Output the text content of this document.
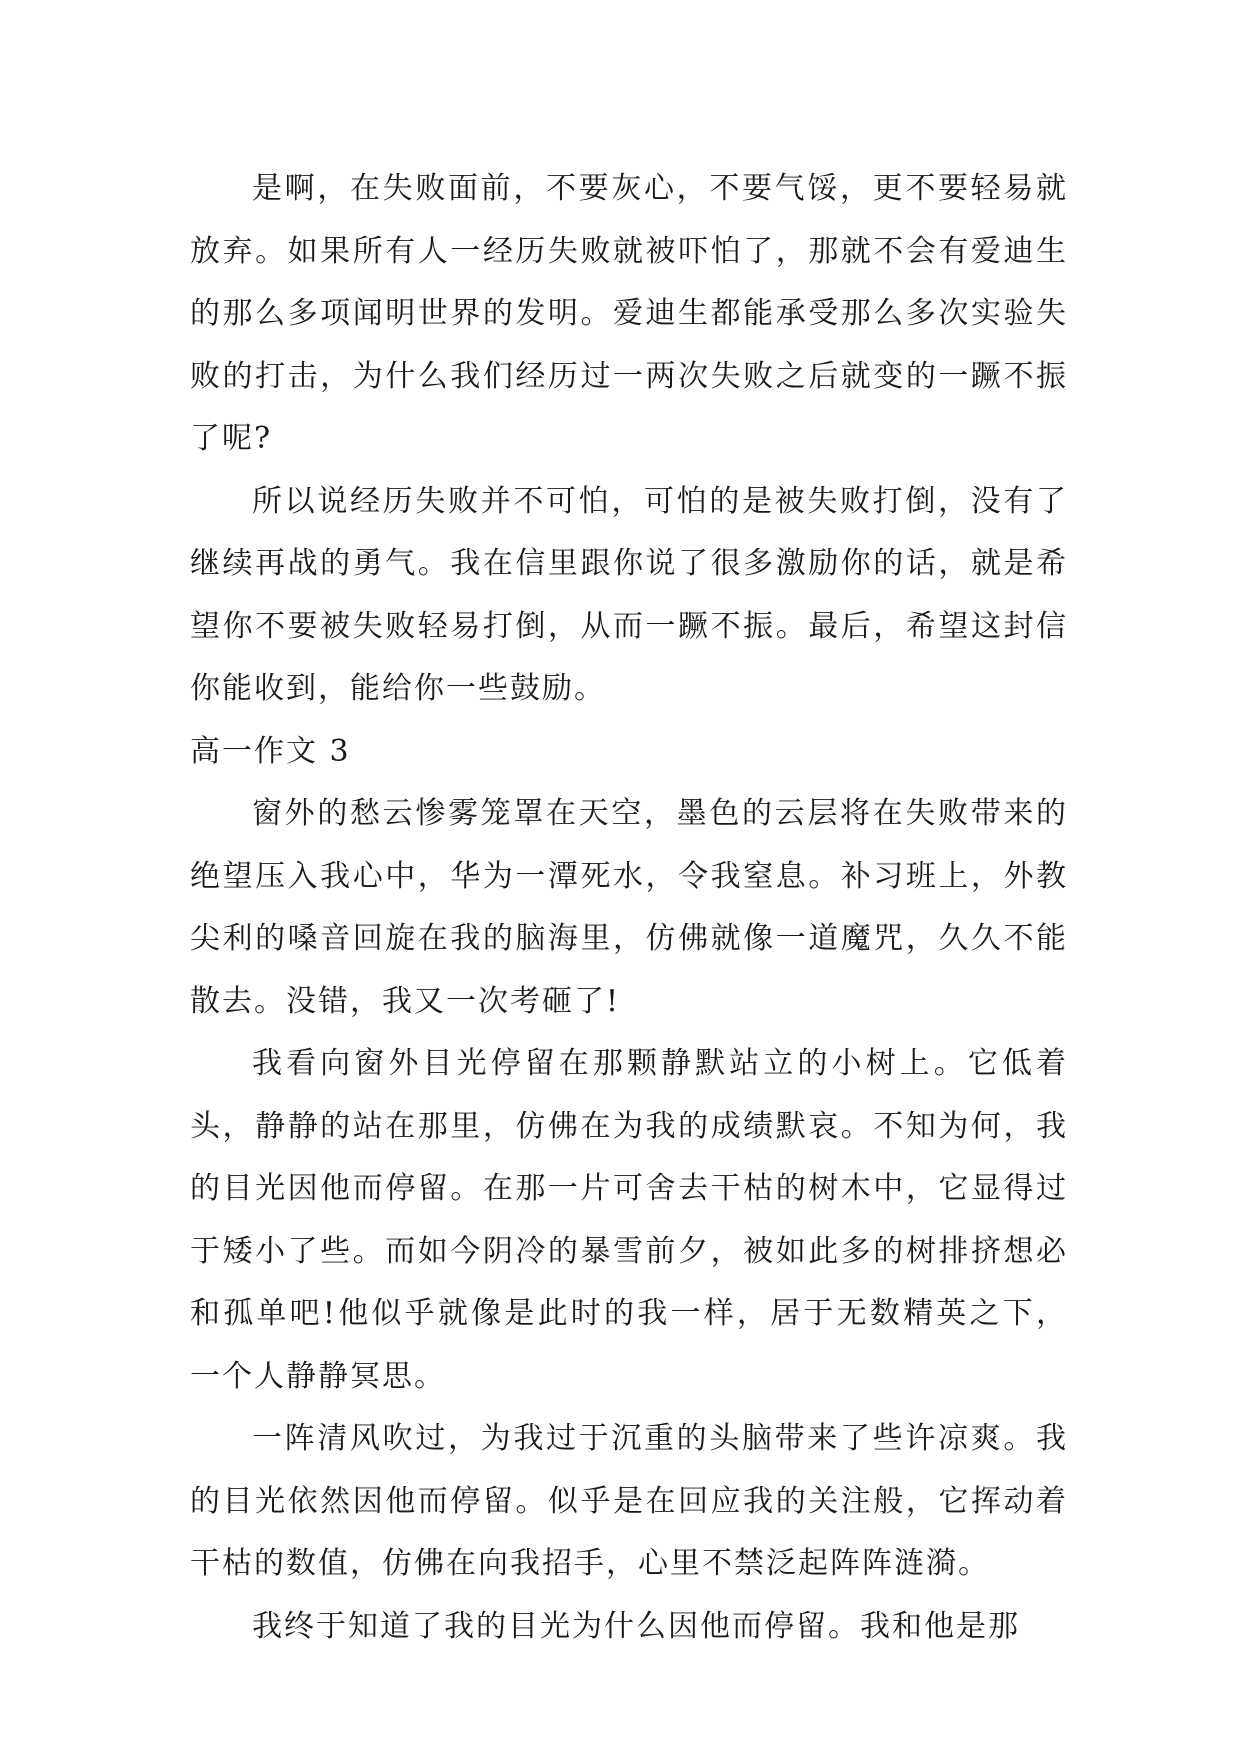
是啊，在失败面前，不要灰心，不要气馁，更不要轻易就放弃。如果所有人一经历失败就被吓怕了，那就不会有爱迪生的那么多项闻明世界的发明。爱迪生都能承受那么多次实验失败的打击，为什么我们经历过一两次失败之后就变的一蹶不振了呢?

所以说经历失败并不可怕，可怕的是被失败打倒，没有了继续再战的勇气。我在信里跟你说了很多激励你的话，就是希望你不要被失败轻易打倒，从而一蹶不振。最后，希望这封信你能收到，能给你一些鼓励。

高一作文 3

窗外的愁云惨雾笼罩在天空，墨色的云层将在失败带来的绝望压入我心中，华为一潭死水，令我窒息。补习班上，外教尖利的嗓音回旋在我的脑海里，仿佛就像一道魔咒，久久不能散去。没错，我又一次考砸了!

我看向窗外目光停留在那颗静默站立的小树上。它低着头，静静的站在那里，仿佛在为我的成绩默哀。不知为何，我的目光因他而停留。在那一片可舍去干枯的树木中，它显得过于矮小了些。而如今阴冷的暴雪前夕，被如此多的树排挤想必和孤单吧!他似乎就像是此时的我一样，居于无数精英之下，一个人静静冥思。

一阵清风吹过，为我过于沉重的头脑带来了些许凉爽。我的目光依然因他而停留。似乎是在回应我的关注般，它挥动着干枯的数值，仿佛在向我招手，心里不禁泛起阵阵涟漪。

我终于知道了我的目光为什么因他而停留。我和他是那
